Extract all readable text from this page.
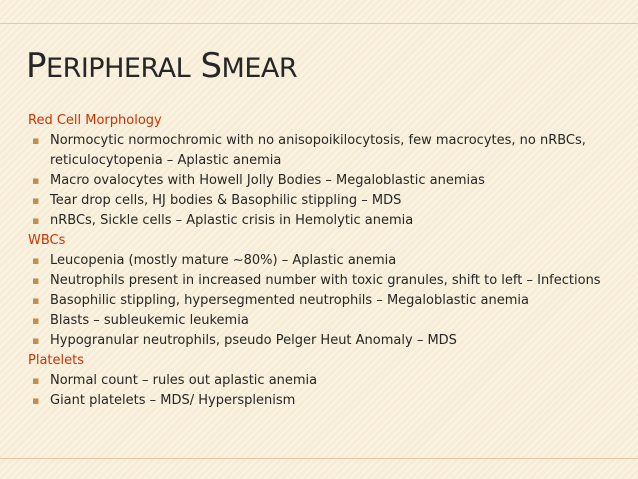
PERIPHERAL SMEAR
Red Cell Morphology
▪ Normocytic normochromic with no anisopoikilocytosis, few macrocytes, no nRBCs, reticulocytopenia – Aplastic anemia
▪ Macro ovalocytes with Howell Jolly Bodies – Megaloblastic anemias
▪ Tear drop cells, HJ bodies & Basophilic stippling – MDS
▪ nRBCs, Sickle cells – Aplastic crisis in Hemolytic anemia
WBCs
▪ Leucopenia (mostly mature ~80%) – Aplastic anemia
▪ Neutrophils present in increased number with toxic granules, shift to left – Infections
▪ Basophilic stippling, hypersegmented neutrophils – Megaloblastic anemia
▪ Blasts – subleukemic leukemia
▪ Hypogranular neutrophils, pseudo Pelger Heut Anomaly – MDS
Platelets
▪ Normal count – rules out aplastic anemia
▪ Giant platelets – MDS/ Hypersplenism
